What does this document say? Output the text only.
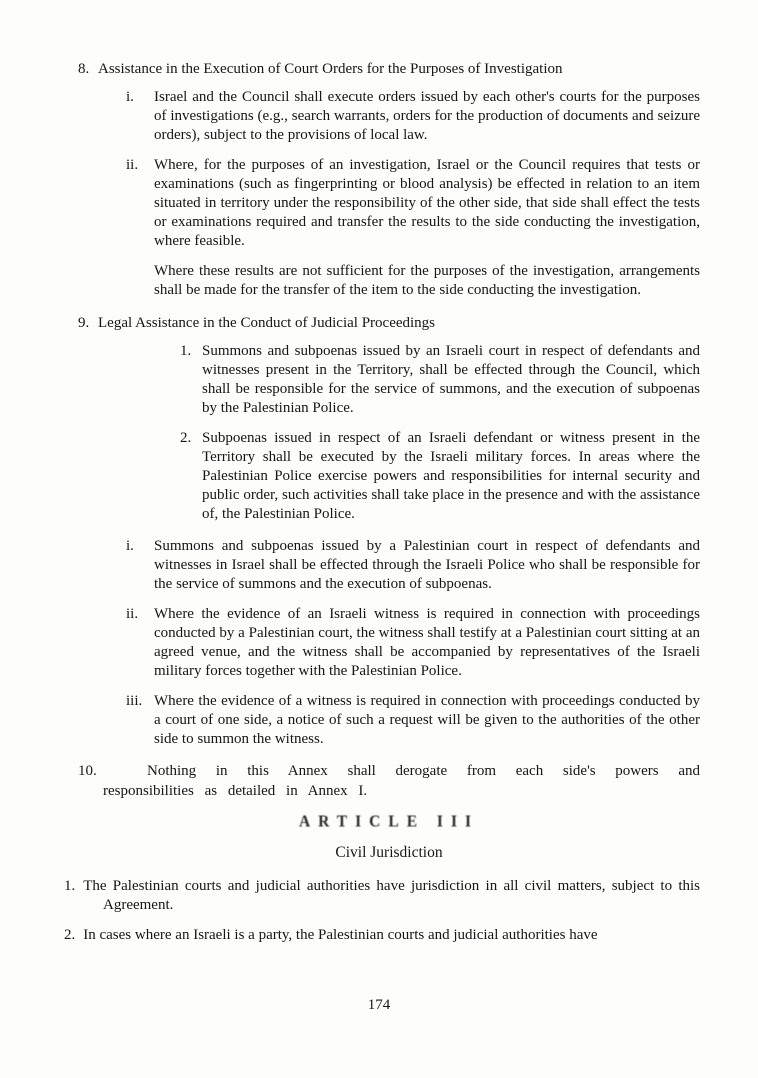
8. Assistance in the Execution of Court Orders for the Purposes of Investigation
i.	Israel and the Council shall execute orders issued by each other's courts for the purposes of investigations (e.g., search warrants, orders for the production of documents and seizure orders), subject to the provisions of local law.
ii.	Where, for the purposes of an investigation, Israel or the Council requires that tests or examinations (such as fingerprinting or blood analysis) be effected in relation to an item situated in territory under the responsibility of the other side, that side shall effect the tests or examinations required and transfer the results to the side conducting the investigation, where feasible.
Where these results are not sufficient for the purposes of the investigation, arrangements shall be made for the transfer of the item to the side conducting the investigation.
9. Legal Assistance in the Conduct of Judicial Proceedings
1. Summons and subpoenas issued by an Israeli court in respect of defendants and witnesses present in the Territory, shall be effected through the Council, which shall be responsible for the service of summons, and the execution of subpoenas by the Palestinian Police.
2. Subpoenas issued in respect of an Israeli defendant or witness present in the Territory shall be executed by the Israeli military forces. In areas where the Palestinian Police exercise powers and responsibilities for internal security and public order, such activities shall take place in the presence and with the assistance of, the Palestinian Police.
i.	Summons and subpoenas issued by a Palestinian court in respect of defendants and witnesses in Israel shall be effected through the Israeli Police who shall be responsible for the service of summons and the execution of subpoenas.
ii.	Where the evidence of an Israeli witness is required in connection with proceedings conducted by a Palestinian court, the witness shall testify at a Palestinian court sitting at an agreed venue, and the witness shall be accompanied by representatives of the Israeli military forces together with the Palestinian Police.
iii. Where the evidence of a witness is required in connection with proceedings conducted by a court of one side, a notice of such a request will be given to the authorities of the other side to summon the witness.
10.	Nothing in this Annex shall derogate from each side's powers and responsibilities as detailed in Annex I.
ARTICLE III
Civil Jurisdiction
1. The Palestinian courts and judicial authorities have jurisdiction in all civil matters, subject to this Agreement.
2. In cases where an Israeli is a party, the Palestinian courts and judicial authorities have
174
